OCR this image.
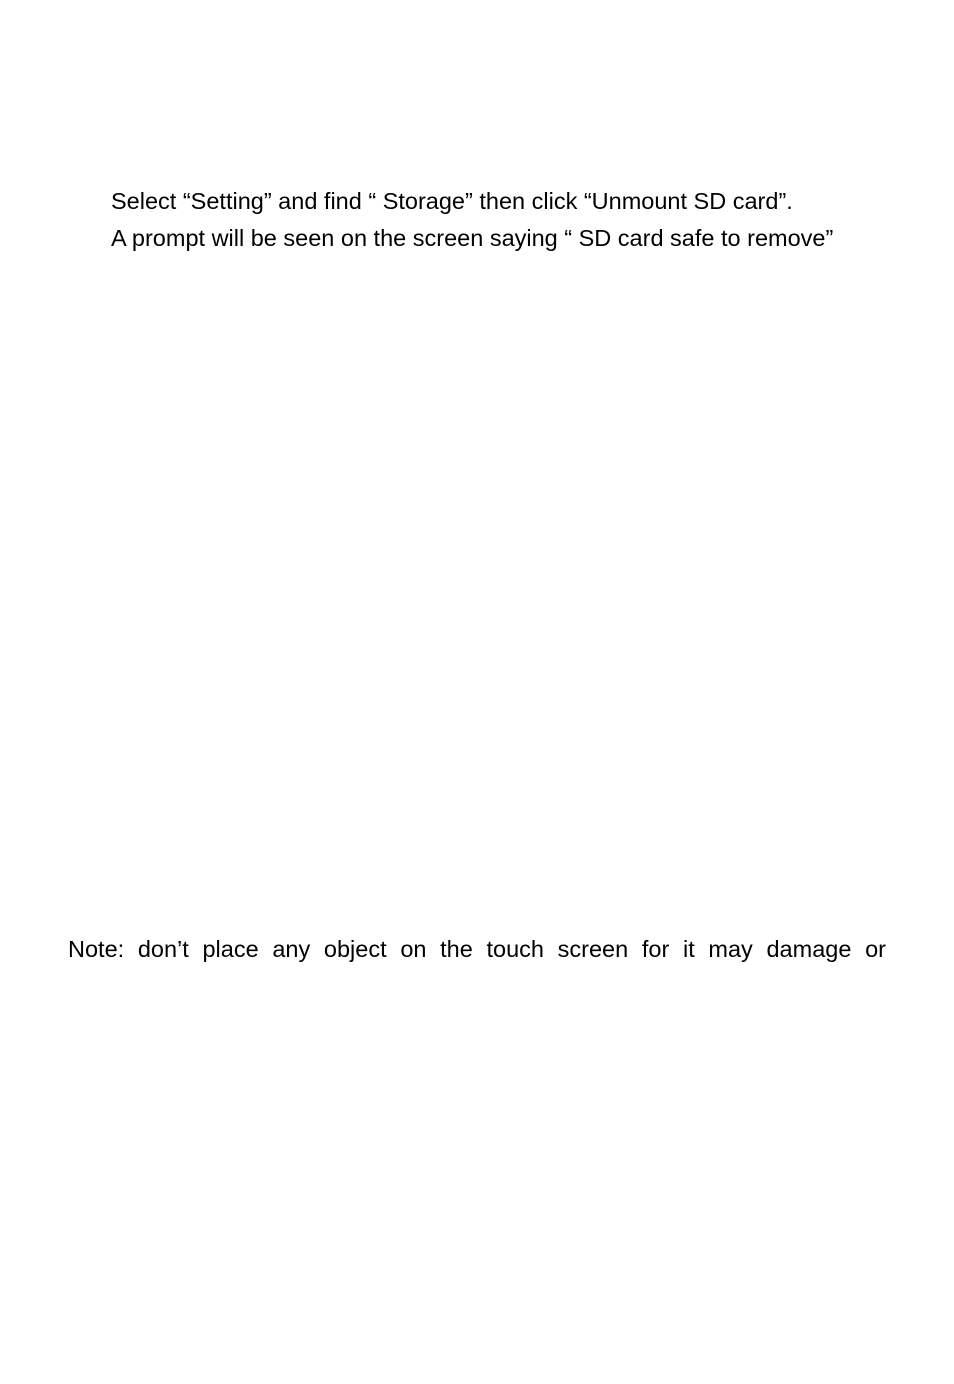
Select “Setting” and find “ Storage” then click “Unmount SD card”.

A prompt will be seen on the screen saying “ SD card safe to remove”

Note: don’t place any object on the touch screen for it may damage or
